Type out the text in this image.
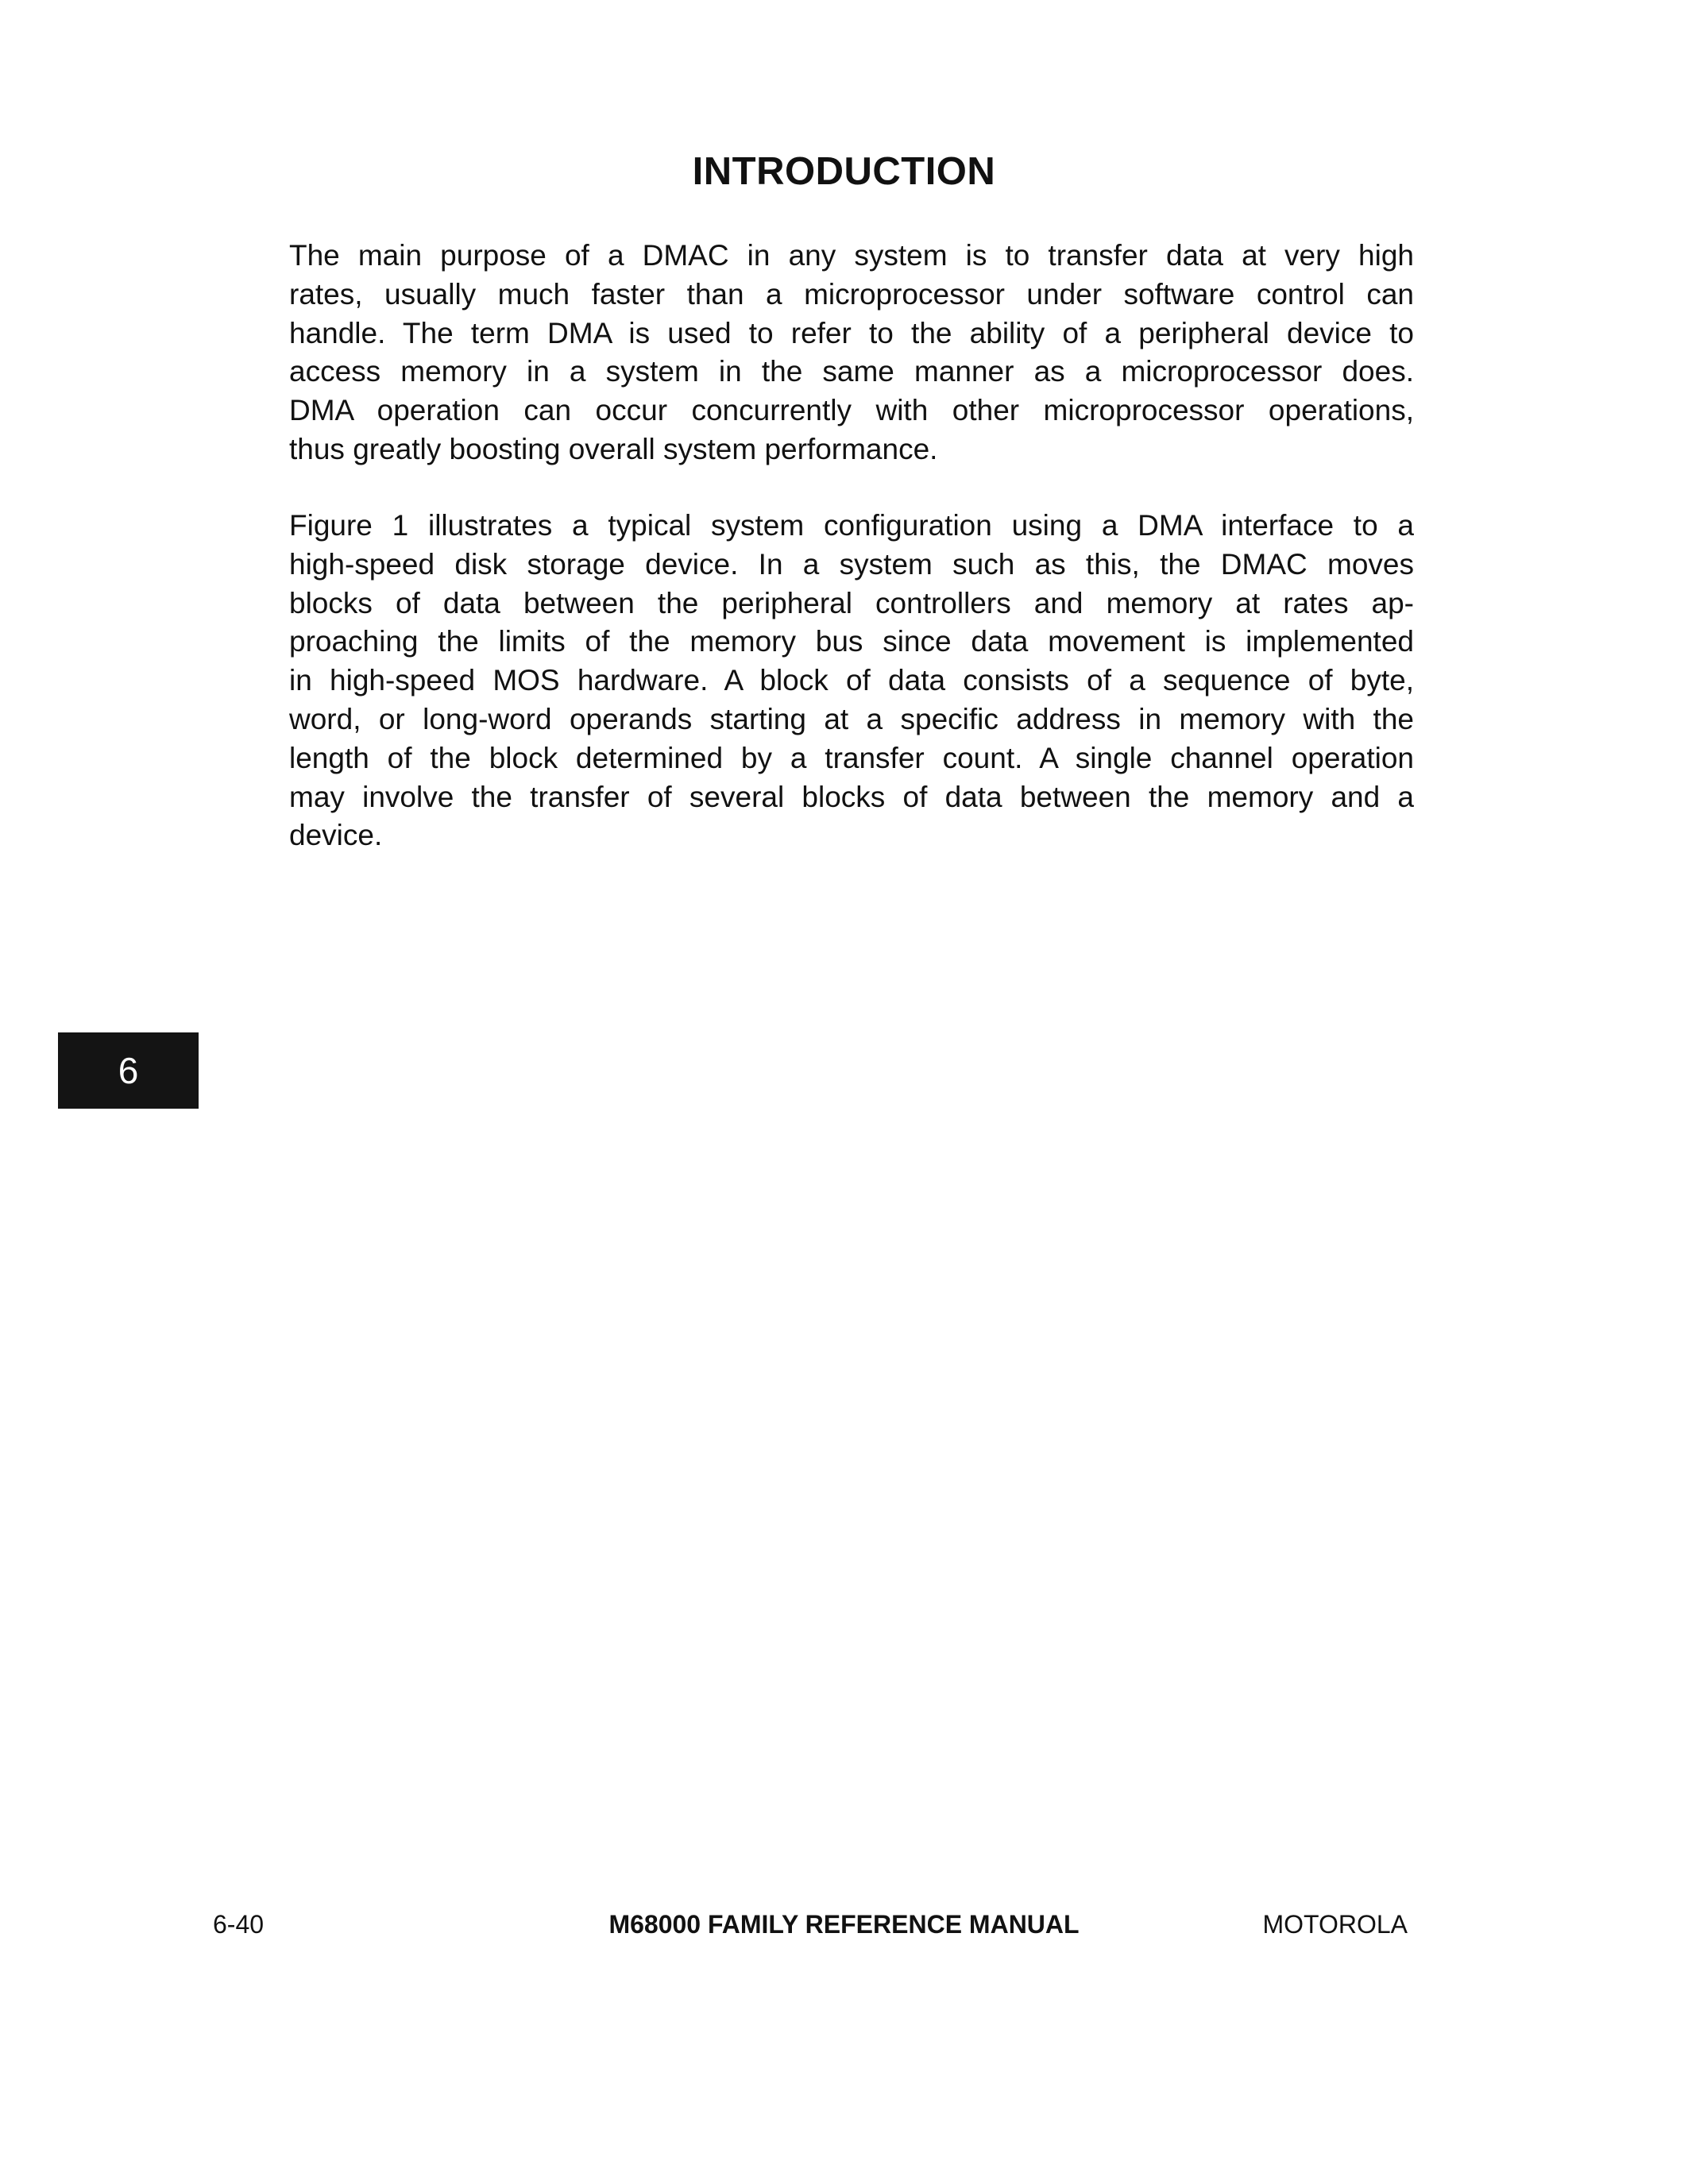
INTRODUCTION
The main purpose of a DMAC in any system is to transfer data at very high
rates, usually much faster than a microprocessor under software control can
handle. The term DMA is used to refer to the ability of a peripheral device to
access memory in a system in the same manner as a microprocessor does.
DMA operation can occur concurrently with other microprocessor operations,
thus greatly boosting overall system performance.
Figure 1 illustrates a typical system configuration using a DMA interface to a
high-speed disk storage device. In a system such as this, the DMAC moves
blocks of data between the peripheral controllers and memory at rates ap-
proaching the limits of the memory bus since data movement is implemented
in high-speed MOS hardware. A block of data consists of a sequence of byte,
word, or long-word operands starting at a specific address in memory with the
length of the block determined by a transfer count. A single channel operation
may involve the transfer of several blocks of data between the memory and a
device.
6

6-40	M68000 FAMILY REFERENCE MANUAL	MOTOROLA
